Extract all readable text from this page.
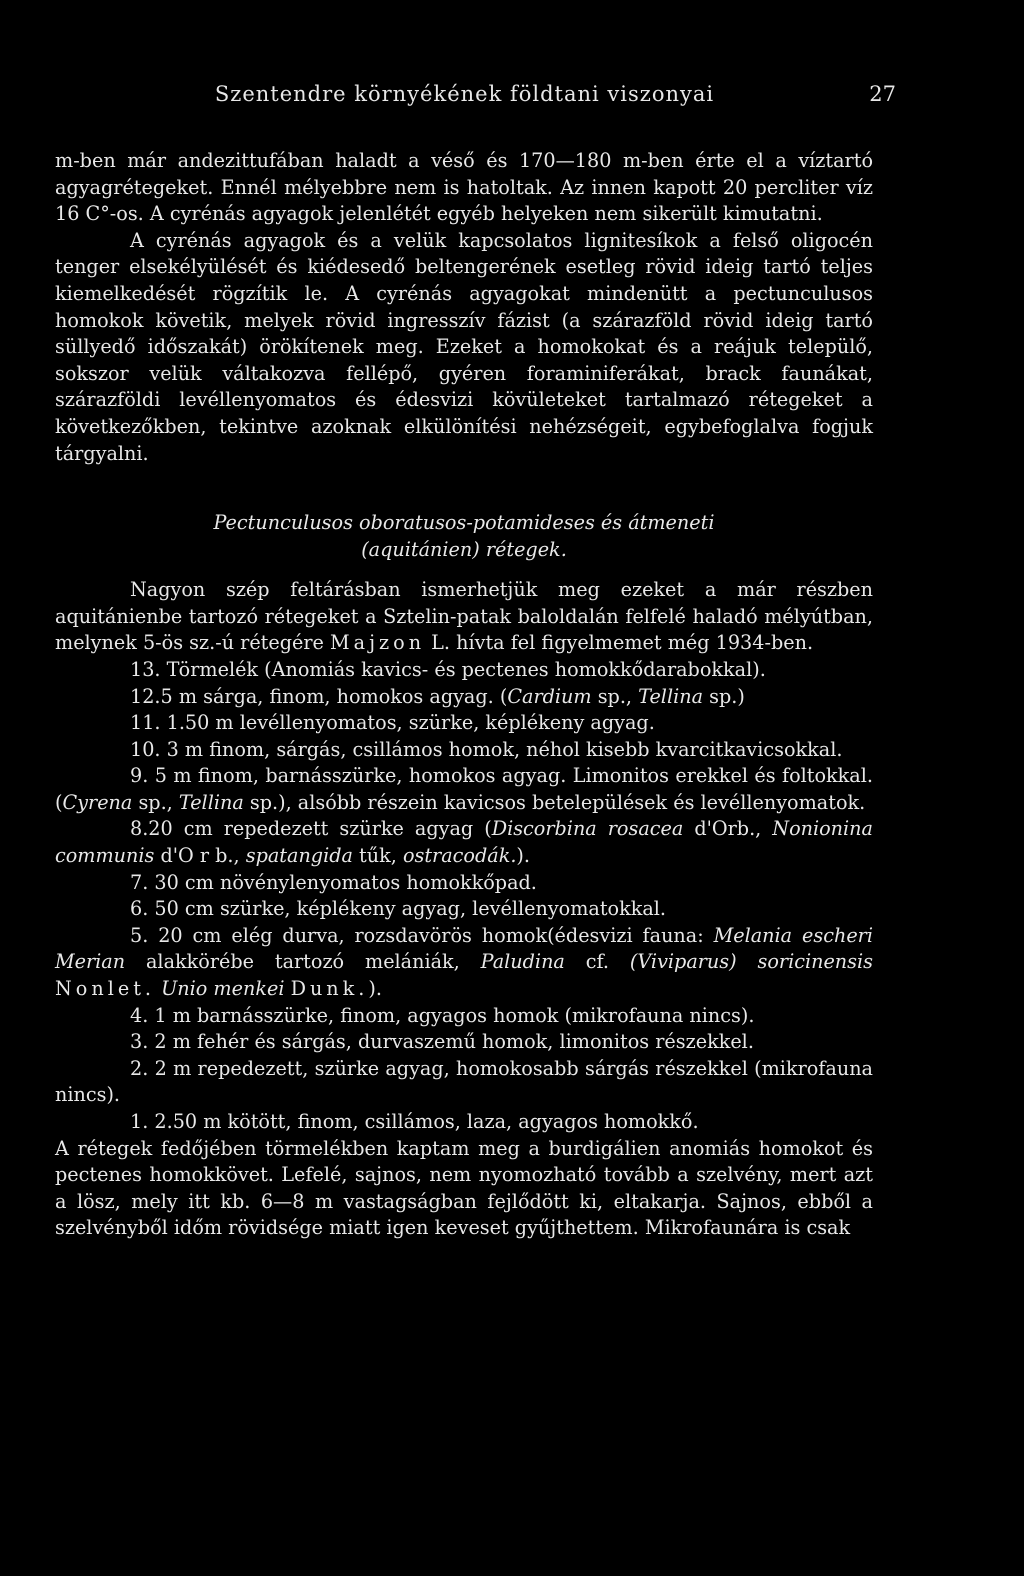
Szentendre környékének földtani viszonyai	27

m-ben már andezittufában haladt a véső és 170—180 m-ben érte el a víztartó agyagrétegeket. Ennél mélyebbre nem is hatoltak. Az innen kapott 20 percliter víz 16 C°-os. A cyrénás agyagok jelenlétét egyéb helyeken nem sikerült kimutatni.

A cyrénás agyagok és a velük kapcsolatos lignitesíkok a felső oligocén tenger elsekélyülését és kiédesedő beltengerének esetleg rövid ideig tartó teljes kiemelkedését rögzítik le. A cyrénás agyagokat mindenütt a pectunculusos homokok követik, melyek rövid ingresszív fázist (a szárazföld rövid ideig tartó süllyedő időszakát) örökítenek meg. Ezeket a homokokat és a reájuk települő, sokszor velük váltakozva fellépő, gyéren foraminiferákat, brack faunákat, szárazföldi levéllenyomatos és édesvizi kövületeket tartalmazó rétegeket a következőkben, tekintve azoknak elkülönítési nehézségeit, egybefoglalva fogjuk tárgyalni.

Pectunculusos oboratusos-potamideses és átmeneti
(aquitánien) rétegek.

Nagyon szép feltárásban ismerhetjük meg ezeket a már részben aquitánienbe tartozó rétegeket a Sztelin-patak baloldalán felfelé haladó mélyútban, melynek 5-ös sz.-ú rétegére Majzon L. hívta fel figyelmemet még 1934-ben.

13. Törmelék (Anomiás kavics- és pectenes homokkődarabokkal).
12.5 m sárga, finom, homokos agyag. (Cardium sp., Tellina sp.)
11. 1.50 m levéllenyomatos, szürke, képlékeny agyag.
10. 3 m finom, sárgás, csillámos homok, néhol kisebb kvarcitkavicsokkal.
9. 5 m finom, barnásszürke, homokos agyag. Limonitos erekkel és foltokkal. (Cyrena sp., Tellina sp.), alsóbb részein kavicsos betelepülések és levéllenyomatok.
8.20 cm repedezett szürke agyag (Discorbina rosacea d'Orb., Nonionina communis d'O r b., spatangida tűk, ostracodák.).
7. 30 cm növénylenyomatos homokkőpad.
6. 50 cm szürke, képlékeny agyag, levéllenyomatokkal.
5. 20 cm elég durva, rozsdavörös homok(édesvizi fauna: Melania escheri Merian alakkörébe tartozó melániák, Paludina cf. (Viviparus) soricinensis Nonlet. Unio menkei Dunk.).
4. 1 m barnásszürke, finom, agyagos homok (mikrofauna nincs).
3. 2 m fehér és sárgás, durvaszemű homok, limonitos részekkel.
2. 2 m repedezett, szürke agyag, homokosabb sárgás részekkel (mikrofauna nincs).
1. 2.50 m kötött, finom, csillámos, laza, agyagos homokkő.

A rétegek fedőjében törmelékben kaptam meg a burdigálien anomiás homokot és pectenes homokkövet. Lefelé, sajnos, nem nyomozható tovább a szelvény, mert azt a lösz, mely itt kb. 6—8 m vastagságban fejlődött ki, eltakarja. Sajnos, ebből a szelvényből időm rövidsége miatt igen keveset gyűjthettem. Mikrofaunára is csak
